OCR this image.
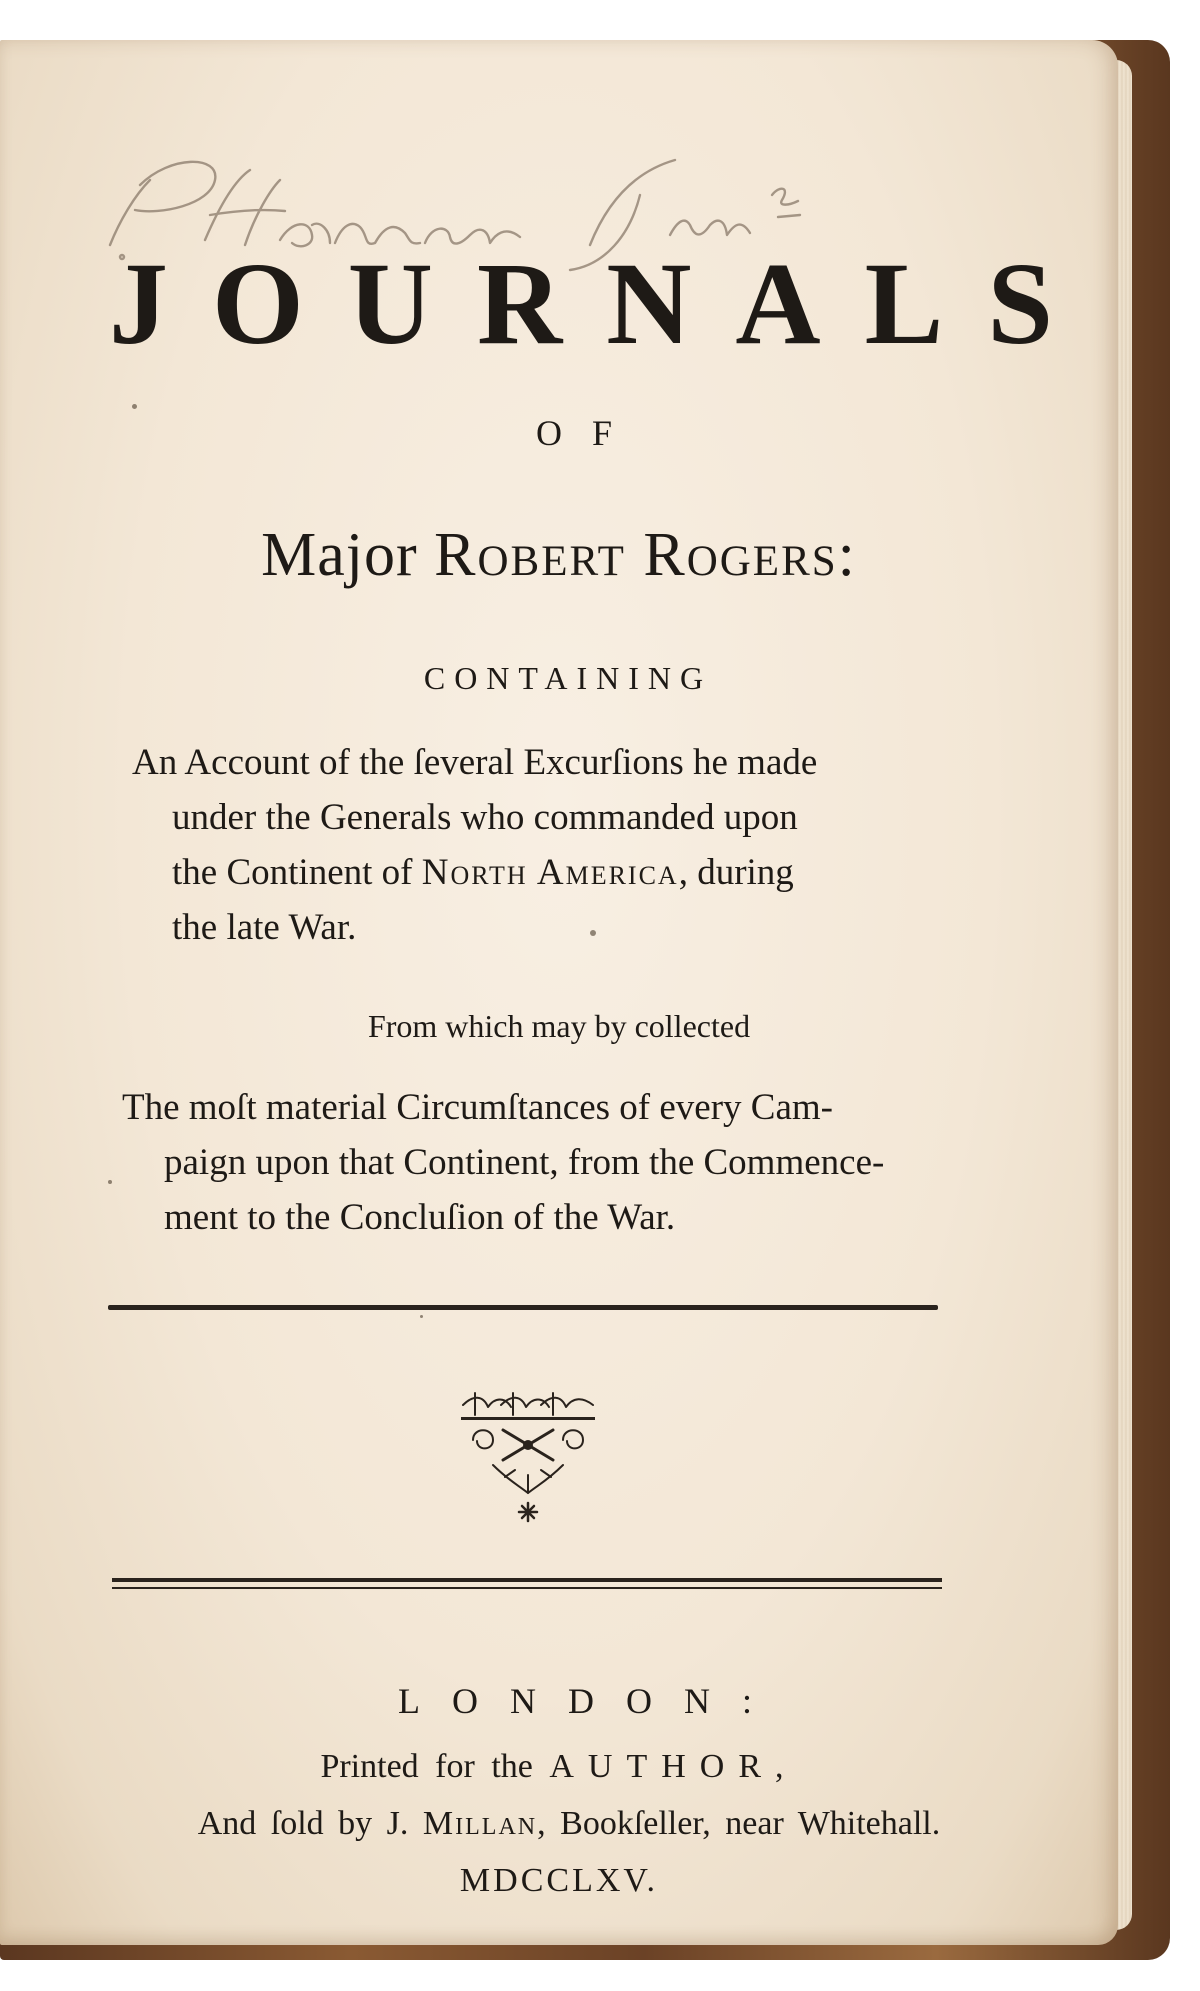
JOURNALS
OF
Major Robert Rogers:
CONTAINING
An Account of the ſeveral Excurſions he made
under the Generals who commanded upon
the Continent of North America, during
the late War.
From which may by collected
The moſt material Circumſtances of every Cam-
paign upon that Continent, from the Commence-
ment to the Concluſion of the War.
LONDON:
Printed for the AUTHOR,
And ſold by J. Millan, Bookſeller, near Whitehall.
MDCCLXV.
